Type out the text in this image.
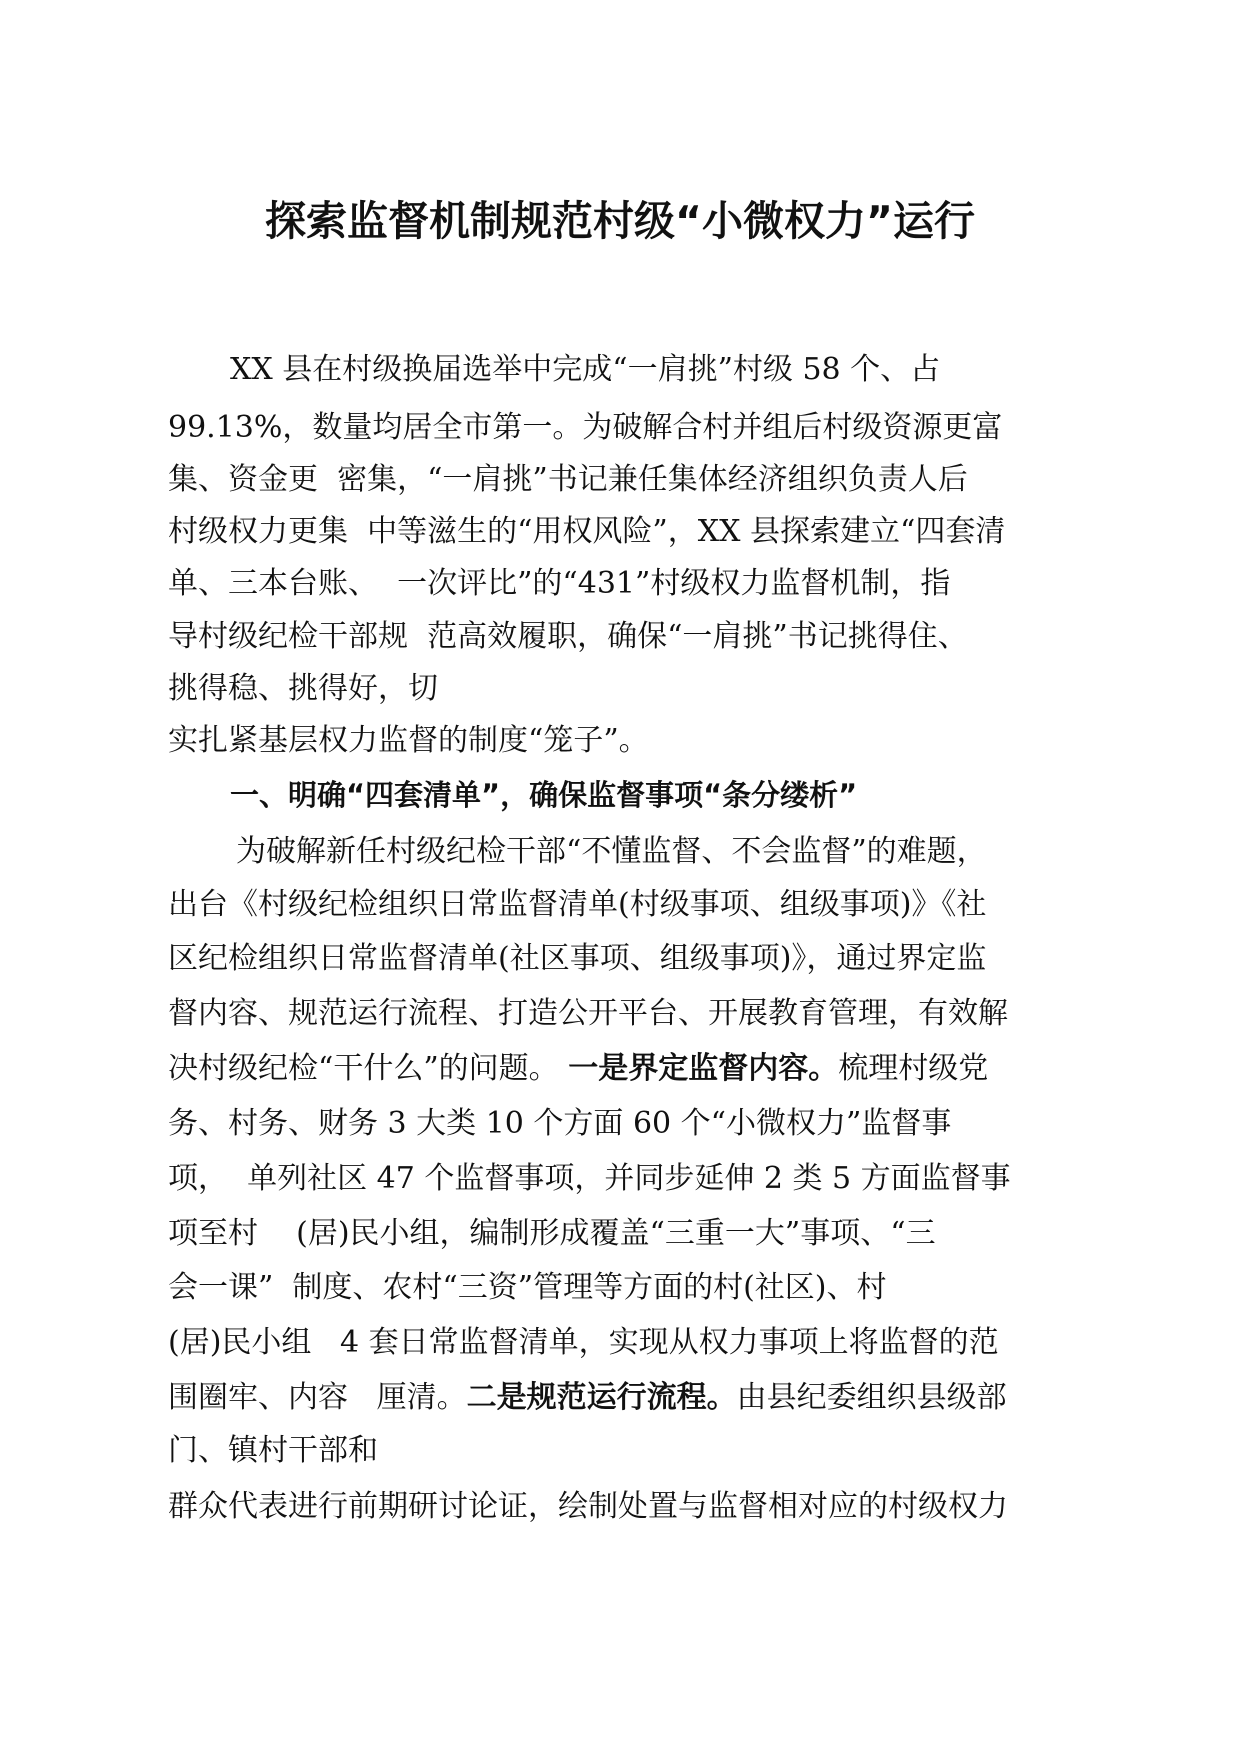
探索监督机制规范村级“小微权力”运行
XX 县在村级换届选举中完成“一肩挑”村级 58 个、占
99.13%，数量均居全市第一。为破解合村并组后村级资源更富
集、资金更  密集，“一肩挑”书记兼任集体经济组织负责人后
村级权力更集  中等滋生的“用权风险”，XX 县探索建立“四套清
单、三本台账、  一次评比”的“431”村级权力监督机制，指
导村级纪检干部规  范高效履职，确保“一肩挑”书记挑得住、
挑得稳、挑得好，切
实扎紧基层权力监督的制度“笼子”。
一、明确“四套清单”，确保监督事项“条分缕析”
为破解新任村级纪检干部“不懂监督、不会监督”的难题，
出台《村级纪检组织日常监督清单(村级事项、组级事项)》《社
区纪检组织日常监督清单(社区事项、组级事项)》，通过界定监
督内容、规范运行流程、打造公开平台、开展教育管理，有效解
决村级纪检“干什么”的问题。 一是界定监督内容。梳理村级党
务、村务、财务 3 大类 10 个方面 60 个“小微权力”监督事
项，  单列社区 47 个监督事项，并同步延伸 2 类 5 方面监督事
项至村    (居)民小组，编制形成覆盖“三重一大”事项、“三
会一课”  制度、农村“三资”管理等方面的村(社区)、村
(居)民小组   4 套日常监督清单，实现从权力事项上将监督的范
围圈牢、内容   厘清。二是规范运行流程。由县纪委组织县级部
门、镇村干部和
群众代表进行前期研讨论证，绘制处置与监督相对应的村级权力
